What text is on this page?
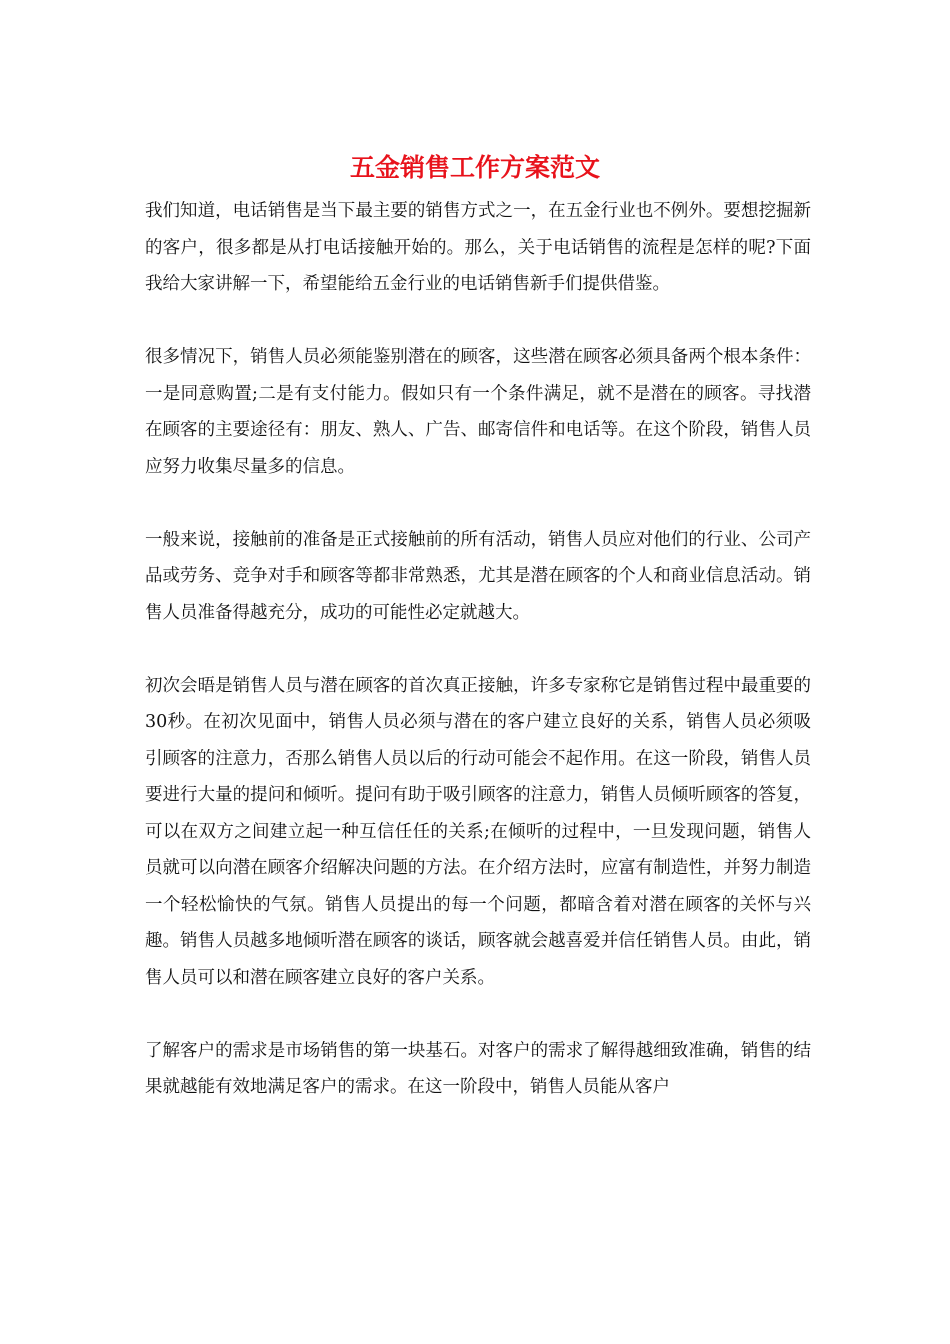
五金销售工作方案范文

我们知道，电话销售是当下最主要的销售方式之一，在五金行业也不例外。要想挖掘新的客户，很多都是从打电话接触开始的。那么，关于电话销售的流程是怎样的呢?下面我给大家讲解一下，希望能给五金行业的电话销售新手们提供借鉴。

很多情况下，销售人员必须能鉴别潜在的顾客，这些潜在顾客必须具备两个根本条件：一是同意购置;二是有支付能力。假如只有一个条件满足，就不是潜在的顾客。寻找潜在顾客的主要途径有：朋友、熟人、广告、邮寄信件和电话等。在这个阶段，销售人员应努力收集尽量多的信息。

一般来说，接触前的准备是正式接触前的所有活动，销售人员应对他们的行业、公司产品或劳务、竞争对手和顾客等都非常熟悉，尤其是潜在顾客的个人和商业信息活动。销售人员准备得越充分，成功的可能性必定就越大。

初次会晤是销售人员与潜在顾客的首次真正接触，许多专家称它是销售过程中最重要的30秒。在初次见面中，销售人员必须与潜在的客户建立良好的关系，销售人员必须吸引顾客的注意力，否那么销售人员以后的行动可能会不起作用。在这一阶段，销售人员要进行大量的提问和倾听。提问有助于吸引顾客的注意力，销售人员倾听顾客的答复，可以在双方之间建立起一种互信任任的关系;在倾听的过程中，一旦发现问题，销售人员就可以向潜在顾客介绍解决问题的方法。在介绍方法时，应富有制造性，并努力制造一个轻松愉快的气氛。销售人员提出的每一个问题，都暗含着对潜在顾客的关怀与兴趣。销售人员越多地倾听潜在顾客的谈话，顾客就会越喜爱并信任销售人员。由此，销售人员可以和潜在顾客建立良好的客户关系。

了解客户的需求是市场销售的第一块基石。对客户的需求了解得越细致准确，销售的结果就越能有效地满足客户的需求。在这一阶段中，销售人员能从客户
